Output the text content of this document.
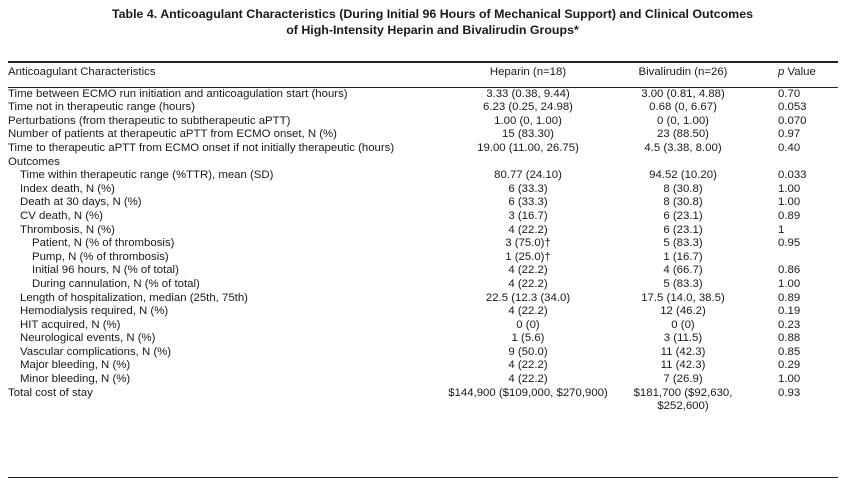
Table 4. Anticoagulant Characteristics (During Initial 96 Hours of Mechanical Support) and Clinical Outcomes
of High-Intensity Heparin and Bivalirudin Groups*
Anticoagulant Characteristics	Heparin (n=18)	Bivalirudin (n=26)	p Value
Time between ECMO run initiation and anticoagulation start (hours)	3.33 (0.38, 9.44)	3.00 (0.81, 4.88)	0.70
Time not in therapeutic range (hours)	6.23 (0.25, 24.98)	0.68 (0, 6.67)	0.053
Perturbations (from therapeutic to subtherapeutic aPTT)	1.00 (0, 1.00)	0 (0, 1.00)	0.070
Number of patients at therapeutic aPTT from ECMO onset, N (%)	15 (83.30)	23 (88.50)	0.97
Time to therapeutic aPTT from ECMO onset if not initially therapeutic (hours)	19.00 (11.00, 26.75)	4.5 (3.38, 8.00)	0.40
Outcomes			
Time within therapeutic range (%TTR), mean (SD)	80.77 (24.10)	94.52 (10.20)	0.033
Index death, N (%)	6 (33.3)	8 (30.8)	1.00
Death at 30 days, N (%)	6 (33.3)	8 (30.8)	1.00
CV death, N (%)	3 (16.7)	6 (23.1)	0.89
Thrombosis, N (%)	4 (22.2)	6 (23.1)	1
Patient, N (% of thrombosis)	3 (75.0)†	5 (83.3)	0.95
Pump, N (% of thrombosis)	1 (25.0)†	1 (16.7)	
Initial 96 hours, N (% of total)	4 (22.2)	4 (66.7)	0.86
During cannulation, N (% of total)	4 (22.2)	5 (83.3)	1.00
Length of hospitalization, median (25th, 75th)	22.5 (12.3 (34.0)	17.5 (14.0, 38.5)	0.89
Hemodialysis required, N (%)	4 (22.2)	12 (46.2)	0.19
HIT acquired, N (%)	0 (0)	0 (0)	0.23
Neurological events, N (%)	1 (5.6)	3 (11.5)	0.88
Vascular complications, N (%)	9 (50.0)	11 (42.3)	0.85
Major bleeding, N (%)	4 (22.2)	11 (42.3)	0.29
Minor bleeding, N (%)	4 (22.2)	7 (26.9)	1.00
Total cost of stay	$144,900 ($109,000, $270,900)	$181,700 ($92,630, $252,600)	0.93
